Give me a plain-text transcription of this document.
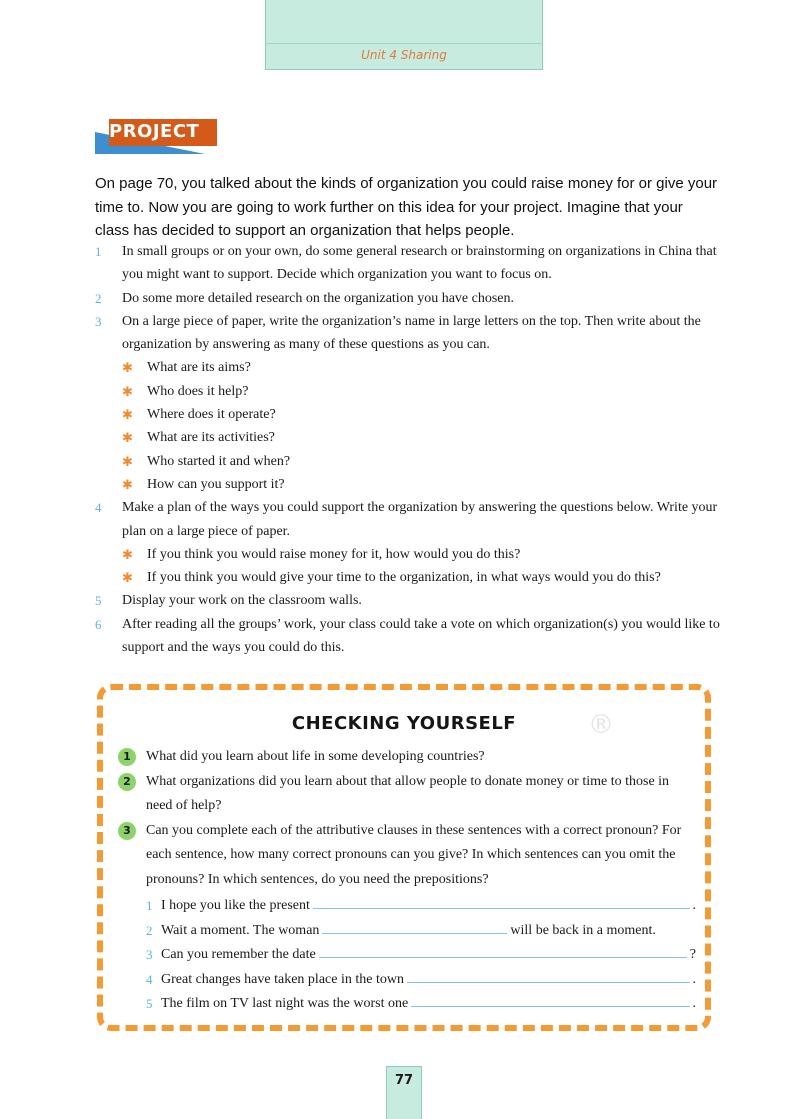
Unit 4 Sharing
PROJECT
On page 70, you talked about the kinds of organization you could raise money for or give your time to. Now you are going to work further on this idea for your project. Imagine that your class has decided to support an organization that helps people.
1 In small groups or on your own, do some general research or brainstorming on organizations in China that you might want to support. Decide which organization you want to focus on.
2 Do some more detailed research on the organization you have chosen.
3 On a large piece of paper, write the organization’s name in large letters on the top. Then write about the organization by answering as many of these questions as you can.
✱ What are its aims?
✱ Who does it help?
✱ Where does it operate?
✱ What are its activities?
✱ Who started it and when?
✱ How can you support it?
4 Make a plan of the ways you could support the organization by answering the questions below. Write your plan on a large piece of paper.
✱ If you think you would raise money for it, how would you do this?
✱ If you think you would give your time to the organization, in what ways would you do this?
5 Display your work on the classroom walls.
6 After reading all the groups’ work, your class could take a vote on which organization(s) you would like to support and the ways you could do this.
®
CHECKING YOURSELF
1	What did you learn about life in some developing countries?
2	What organizations did you learn about that allow people to donate money or time to those in need of help?
3	Can you complete each of the attributive clauses in these sentences with a correct pronoun? For each sentence, how many correct pronouns can you give? In which sentences can you omit the pronouns? In which sentences, do you need the prepositions?
1 I hope you like the present	.
2 Wait a moment. The woman	will be back in a moment.
3 Can you remember the date	?
4 Great changes have taken place in the town	.
5 The film on TV last night was the worst one	.
77
